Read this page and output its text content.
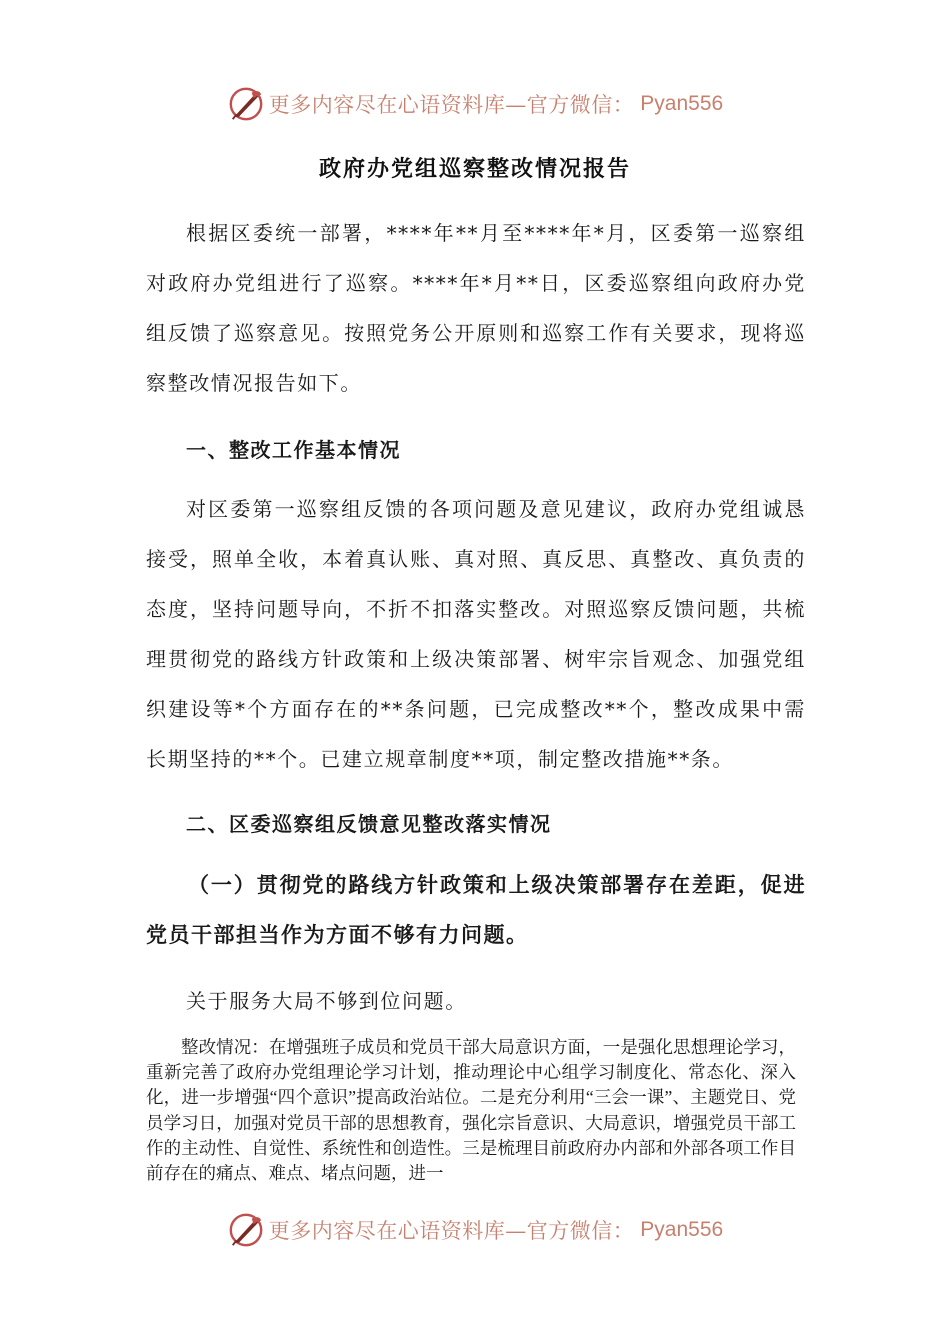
更多内容尽在心语资料库—官方微信： Pyan556
政府办党组巡察整改情况报告

根据区委统一部署，****年**月至****年*月，区委第一巡察组对政府办党组进行了巡察。****年*月**日，区委巡察组向政府办党组反馈了巡察意见。按照党务公开原则和巡察工作有关要求，现将巡察整改情况报告如下。

一、整改工作基本情况

对区委第一巡察组反馈的各项问题及意见建议，政府办党组诚恳接受，照单全收，本着真认账、真对照、真反思、真整改、真负责的态度，坚持问题导向，不折不扣落实整改。对照巡察反馈问题，共梳理贯彻党的路线方针政策和上级决策部署、树牢宗旨观念、加强党组织建设等*个方面存在的**条问题，已完成整改**个，整改成果中需长期坚持的**个。已建立规章制度**项，制定整改措施**条。

二、区委巡察组反馈意见整改落实情况

（一）贯彻党的路线方针政策和上级决策部署存在差距，促进党员干部担当作为方面不够有力问题。

关于服务大局不够到位问题。

整改情况：在增强班子成员和党员干部大局意识方面，一是强化思想理论学习，重新完善了政府办党组理论学习计划，推动理论中心组学习制度化、常态化、深入化，进一步增强“四个意识”提高政治站位。二是充分利用“三会一课”、主题党日、党员学习日，加强对党员干部的思想教育，强化宗旨意识、大局意识，增强党员干部工作的主动性、自觉性、系统性和创造性。三是梳理目前政府办内部和外部各项工作目前存在的痛点、难点、堵点问题，进一

更多内容尽在心语资料库—官方微信： Pyan556
